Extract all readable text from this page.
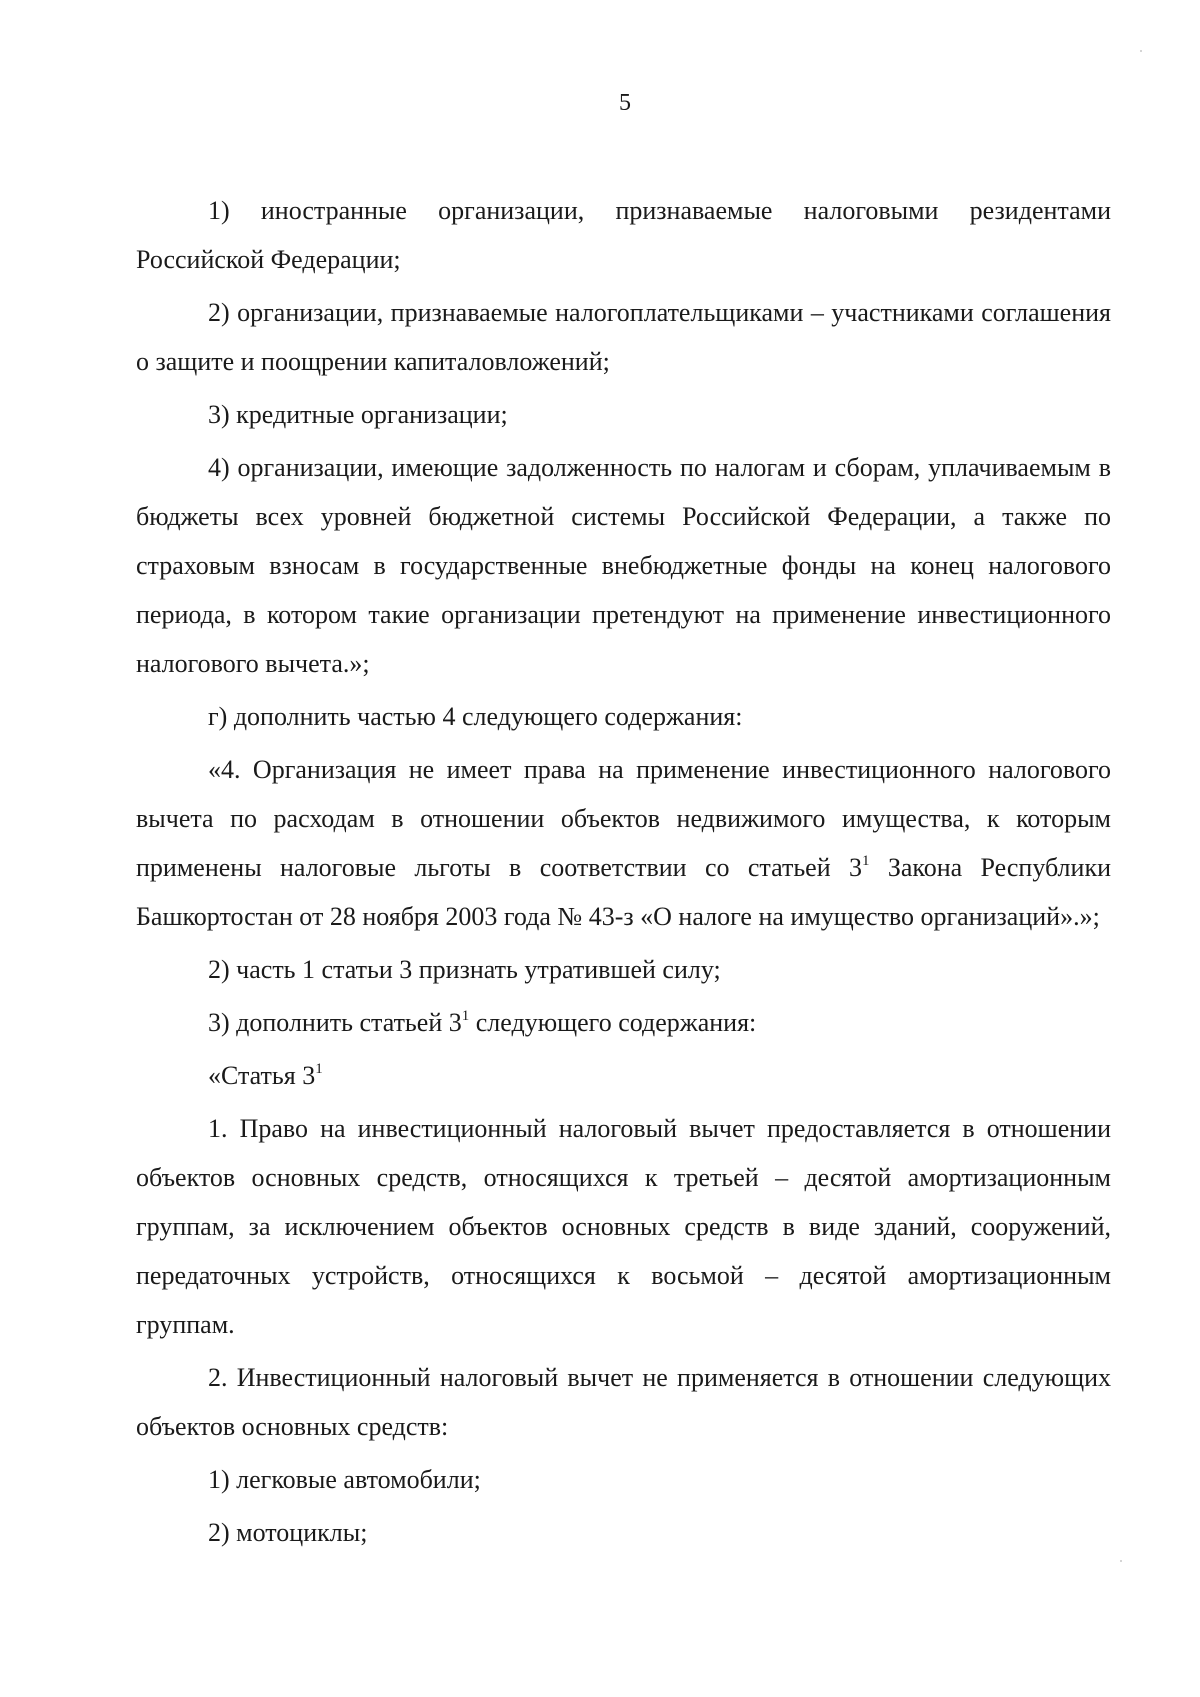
5

1) иностранные организации, признаваемые налоговыми резидентами Российской Федерации;

2) организации, признаваемые налогоплательщиками – участниками соглашения о защите и поощрении капиталовложений;

3) кредитные организации;

4) организации, имеющие задолженность по налогам и сборам, уплачиваемым в бюджеты всех уровней бюджетной системы Российской Федерации, а также по страховым взносам в государственные внебюджетные фонды на конец налогового периода, в котором такие организации претендуют на применение инвестиционного налогового вычета.»;

г) дополнить частью 4 следующего содержания:

«4. Организация не имеет права на применение инвестиционного налогового вычета по расходам в отношении объектов недвижимого имущества, к которым применены налоговые льготы в соответствии со статьей $3^1$ Закона Республики Башкортостан от 28 ноября 2003 года № 43-з «О налоге на имущество организаций».»;

2) часть 1 статьи 3 признать утратившей силу;

3) дополнить статьей $3^1$ следующего содержания:

«Статья $3^1$

1. Право на инвестиционный налоговый вычет предоставляется в отношении объектов основных средств, относящихся к третьей – десятой амортизационным группам, за исключением объектов основных средств в виде зданий, сооружений, передаточных устройств, относящихся к восьмой – десятой амортизационным группам.

2. Инвестиционный налоговый вычет не применяется в отношении следующих объектов основных средств:

1) легковые автомобили;

2) мотоциклы;
